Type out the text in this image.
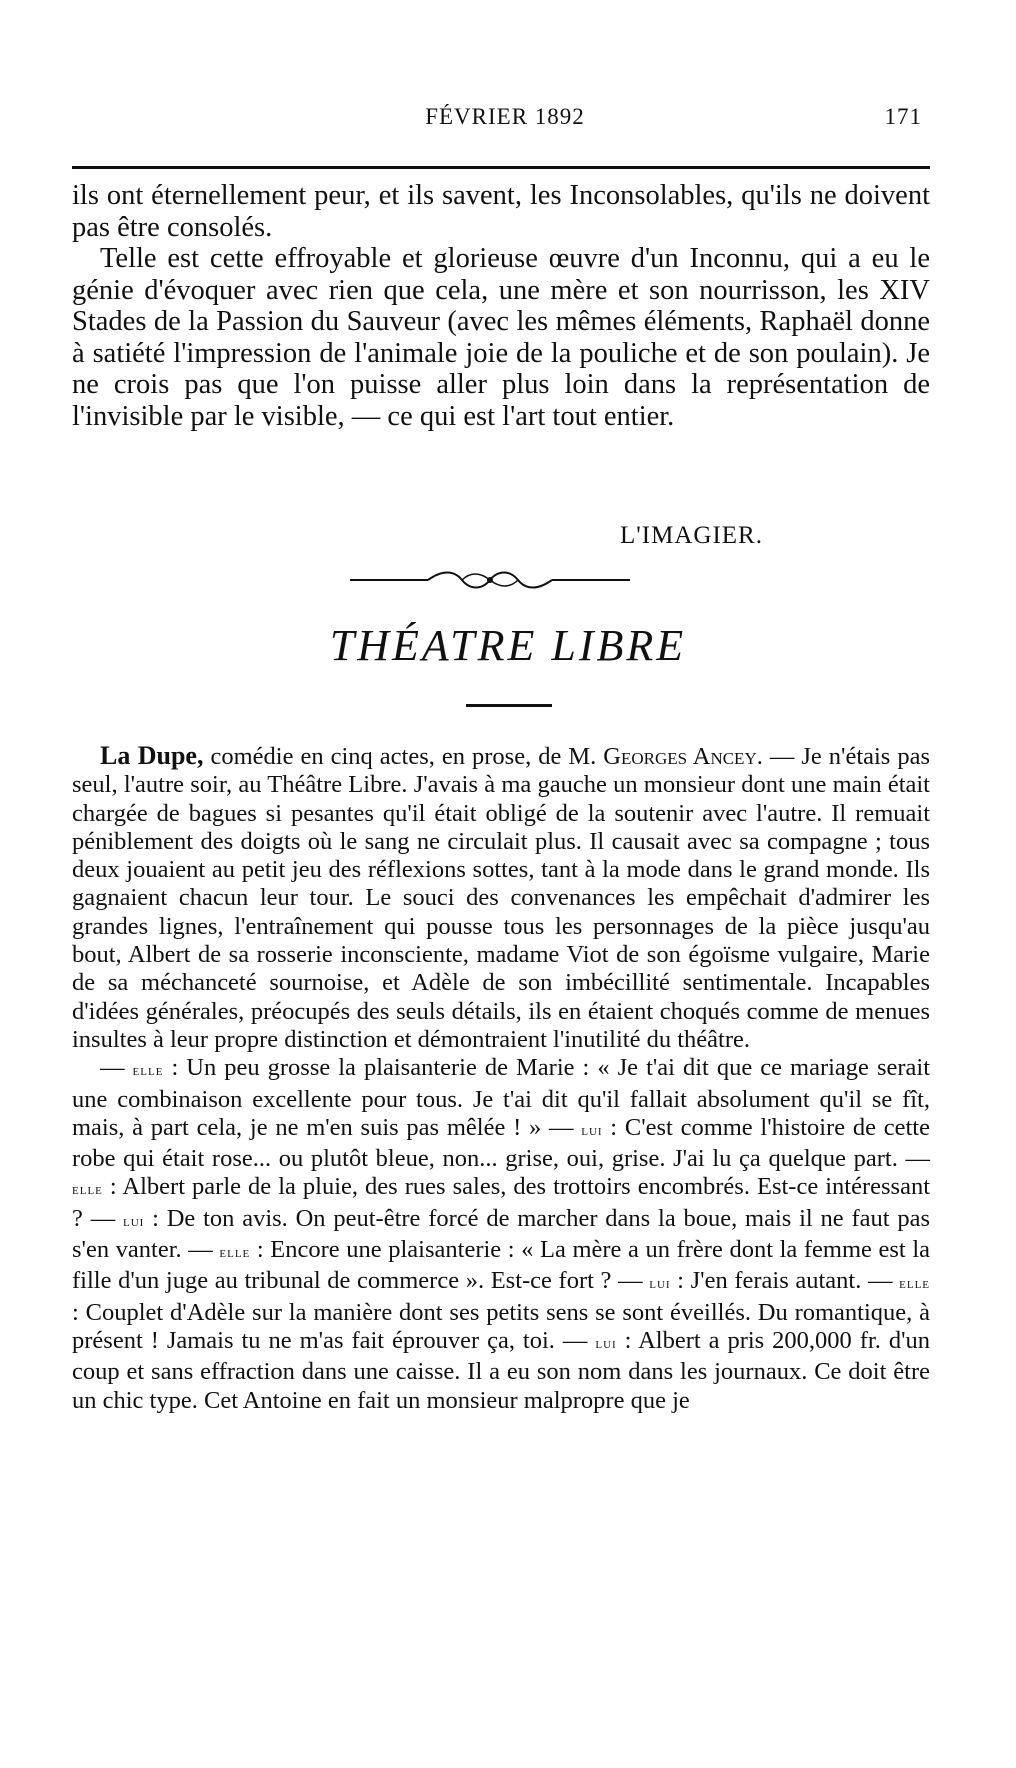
FÉVRIER 1892	171

ils ont éternellement peur, et ils savent, les Inconsolables, qu'ils ne doivent pas être consolés.

Telle est cette effroyable et glorieuse œuvre d'un Inconnu, qui a eu le génie d'évoquer avec rien que cela, une mère et son nourrisson, les XIV Stades de la Passion du Sauveur (avec les mêmes éléments, Raphaël donne à satiété l'impression de l'animale joie de la pouliche et de son poulain). Je ne crois pas que l'on puisse aller plus loin dans la représentation de l'invisible par le visible, — ce qui est l'art tout entier.

L'IMAGIER.
THÉATRE LIBRE

La Dupe, comédie en cinq actes, en prose, de M. Georges Ancey. — Je n'étais pas seul, l'autre soir, au Théâtre Libre. J'avais à ma gauche un monsieur dont une main était chargée de bagues si pesantes qu'il était obligé de la soutenir avec l'autre. Il remuait péniblement des doigts où le sang ne circulait plus. Il causait avec sa compagne ; tous deux jouaient au petit jeu des réflexions sottes, tant à la mode dans le grand monde. Ils gagnaient chacun leur tour. Le souci des convenances les empêchait d'admirer les grandes lignes, l'entraînement qui pousse tous les personnages de la pièce jusqu'au bout, Albert de sa rosserie inconsciente, madame Viot de son égoïsme vulgaire, Marie de sa méchanceté sournoise, et Adèle de son imbécillité sentimentale. Incapables d'idées générales, préocupés des seuls détails, ils en étaient choqués comme de menues insultes à leur propre distinction et démontraient l'inutilité du théâtre.

— elle : Un peu grosse la plaisanterie de Marie : « Je t'ai dit que ce mariage serait une combinaison excellente pour tous. Je t'ai dit qu'il fallait absolument qu'il se fît, mais, à part cela, je ne m'en suis pas mêlée ! » — lui : C'est comme l'histoire de cette robe qui était rose... ou plutôt bleue, non... grise, oui, grise. J'ai lu ça quelque part. — elle : Albert parle de la pluie, des rues sales, des trottoirs encombrés. Est-ce intéressant ? — lui : De ton avis. On peut-être forcé de marcher dans la boue, mais il ne faut pas s'en vanter. — elle : Encore une plaisanterie : « La mère a un frère dont la femme est la fille d'un juge au tribunal de commerce ». Est-ce fort ? — lui : J'en ferais autant. — elle : Couplet d'Adèle sur la manière dont ses petits sens se sont éveillés. Du romantique, à présent ! Jamais tu ne m'as fait éprouver ça, toi. — lui : Albert a pris 200,000 fr. d'un coup et sans effraction dans une caisse. Il a eu son nom dans les journaux. Ce doit être un chic type. Cet Antoine en fait un monsieur malpropre que je
